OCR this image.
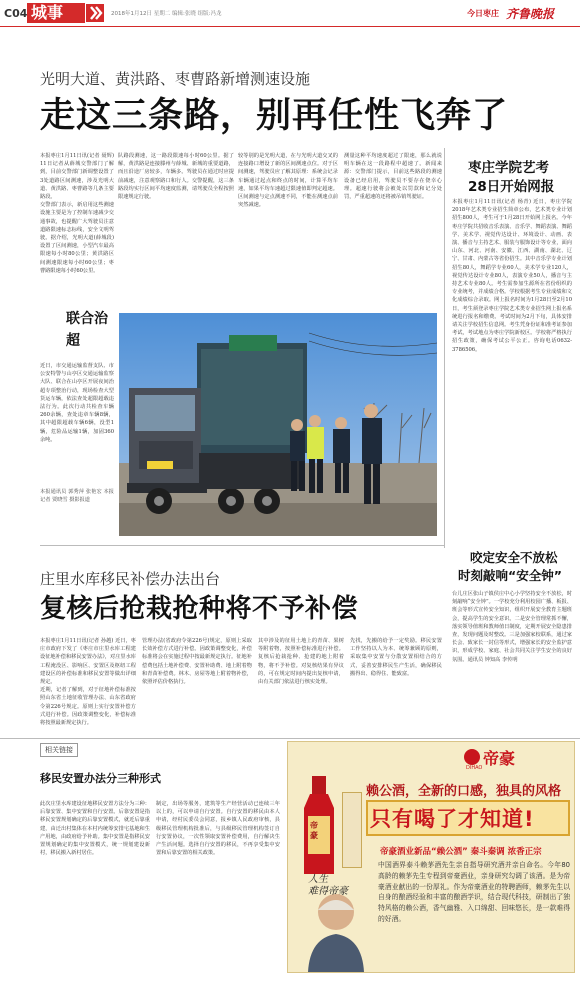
C04 城事	2018年1月12日 星期二 编辑:张晓 组版:冯龙	今日枣庄 齐鲁晚报
光明大道、黄洪路、枣曹路新增测速设施
走这三条路，别再任性飞奔了
本报枣庄1月11日讯(记者 聂辉) 11日记者从薛城交警部门了解到，目前交警部门新调整设置了3处道路区间测速，涉及光明大道、黄洪路、枣曹路等几条主要路段。
交警部门表示，新启用这些测速设施主要是为了控制车速减少交通事故，也提醒广大驾驶员注意道路限速标志标线，安全文明驾驶。据介绍，光明大道(薛城段)设置了区间测速，小型汽车最高限速每小时80公里；黄洪路区间测速限速每小时60公里；枣曹路限速每小时60公里。
队路段测速，这一路段限速每小时60公里。据了解，黄洪路是连接滕州与薛城、新城的重要道路，而且沿途厂房较多，车辆多。驾驶员在通过时应提前减速，注意观察路口和行人。交警提醒，这三条路段均实行区间平均速度监测，请驾驶员全程按照限速规定行驶。
较等别的是光明大道，在与光明大道交叉的连接路口增设了新的区间测速点位。对于区间测速，驾驶员应了解其原理：系统会记录车辆通过起点和终点的时间，计算平均车速，如果平均车速超过限速值即判定超速。区间测速与定点测速不同，不能在测速点前突然减速。
测量这种平均速度超过了限速，那么就说明车辆在这一段路程中超速了。新闻来源：交警部门提示，目前这些路段的测速设备已经启用，驾驶员不要存在侥幸心理。超速行驶将会被处以罚款和记分处罚，严重超速的还将被吊销驾驶证。
联合治超
近日，市交通运输监督支队、市公安特警与山亭区交通运输监察大队、联合在山亭区开展夜间治超专项整治行动，现场检查大型货运车辆，依法查处超限超载违法行为。此次行动共检查车辆260余辆，查处违章车辆8辆，其中超限超载车辆6辆，没型1辆，危险品运输1辆，加固360余吨。
本报通讯员 郭秀萍 张艳宏 本报记者 贾晓雪 摄影报道
枣庄学院艺考
28日开始网报
本报枣庄1月11日讯(记者 杨青) 近日，枣庄学院2018年艺术类专业招生简章公布，艺术类专业计划招生800人，考生可于1月28日开始网上报名。今年枣庄学院共招收音乐表演、音乐学、舞蹈表演、舞蹈学、美术学、视觉传达设计、环境设计、动画、表演、播音与主持艺术、服装与服饰设计等专业，面向山东、河北、河南、安徽、江西、湖南、湖北、辽宁、甘肃、内蒙古等省份招生。其中音乐学专业计划招生80人，舞蹈学专业60人，美术学专业120人，视觉传达设计专业80人，表演专业50人，播音与主持艺术专业80人。考生需参加生源所在省份组织的专业统考，并成绩合格。学校根据考生专业成绩和文化成绩综合录取。网上报名时间为1月28日至2月10日，考生须登录枣庄学院艺术类专业招生网上报名系统进行报名和缴费。考试时间为2月下旬，具体安排请关注学校招生信息网。考生凭身份证和准考证参加考试，考试地点为枣庄学院新校区。学校将严格执行招生政策，确保考试公平公正。咨询电话0632-3786506。
庄里水库移民补偿办法出台
复核后抢栽抢种将不予补偿
本报枣庄1月11日讯(记者 孙越) 近日，枣庄市政府下发了《枣庄市庄里水库工程建设征地补偿和移民安置办法》，对庄里水库工程淹没区、影响区、安置区及枢纽工程建设区的补偿标准和移民安置等做出详细规定。
近期，记者了解到，对于征地补偿标准按照山东省土地征收管理办法、山东省政府令第226号规定。原则上实行安置补偿方式进行补偿。因政策调整变化，补偿标准将按照最新规定执行。
管理办法(省政府令第226号)规定，原则上采取长效补偿方式进行补偿。因政策调整变化，补偿标准将会在实施过程中按最新规定执行。征地补偿费包括土地补偿费、安置补助费、地上附着物和青苗补偿费。林木、房屋等地上附着物补偿，依照评估价格执行。
其中涉及的征用土地上的青苗、果树等附着物，按照补偿标准进行补偿。复核后抢栽抢种、抢建的地上附着物，将不予补偿。对复核结果有异议的，可在规定时间内提出复核申请，由有关部门依法进行核实处理。
先找，先搬的给予一定奖励。移民安置工作坚持以人为本、统筹兼顾的原则，采取集中安置与分散安置相结合的方式，妥善安排移民生产生活，确保移民搬得出、稳得住、能致富。
咬定安全不放松
时刻敲响“安全钟”
台儿庄区张山子镇侯庄中心小学坚持安全不放松，时刻敲响“安全钟”。一学校充分利用校园广播、板报、班会等形式宣传安全知识，组织开展安全教育主题班会，提高学生的安全意识。二是安全管理常抓不懈，落实领导值班和教师值日制度，定期开展安全隐患排查，发现问题及时整改。三是加强家校联系，通过家长会、致家长一封信等形式，增强家长的安全监护意识，形成学校、家庭、社会共同关注学生安全的良好氛围。通讯员 钟知高 李传明
相关链接
移民安置办法分三种形式
此次庄里水库建设征地移民安置方法分为三种：后靠安置、集中安置和自行安置。后靠安置是指移民安置规划确定的后靠安置模式，就近后靠重建，由迁出村集体在本村内统筹安排宅基地和生产用地，由政府给予补助。集中安置是指移民安置规划确定的集中安置模式，统一规划建设新村，移民搬入新村居住。
制定，出场等服务，建筑等生产经营活动已连续三年以上的，可以申请自行安置。自行安置的移民由本人申请，经村民委员会同意，报乡镇人民政府审核，县级移民管理机构批准后，与县级移民管理机构签订自行安置协议，一次性领取安置补偿费用，自行解决生产生活问题。选择自行安置的移民，不再享受集中安置和后靠安置的相关政策。
帝豪
DIHAO
帝豪
赖公酒，全新的口感，独具的风格
只有喝了才知道!
帝豪酒业新品“赖公酒” 秦斗秦调 浓香正宗
人生
难得帝豪
中国酒界泰斗赖茅酒先生亲自指导研究酒并亲自命名。今年80高龄的赖茅先生专程到帝豪酒业，亲身研究勾调了该酒。是为帝豪酒业献出的一份厚礼。作为帝豪酒业的特聘酒师，赖茅先生以自身的酿酒经验和丰富的酿酒学识，结合现代科技，研制出了独特风格的赖公酒，香气幽雅、入口绵甜、回味悠长，是一款难得的好酒。
